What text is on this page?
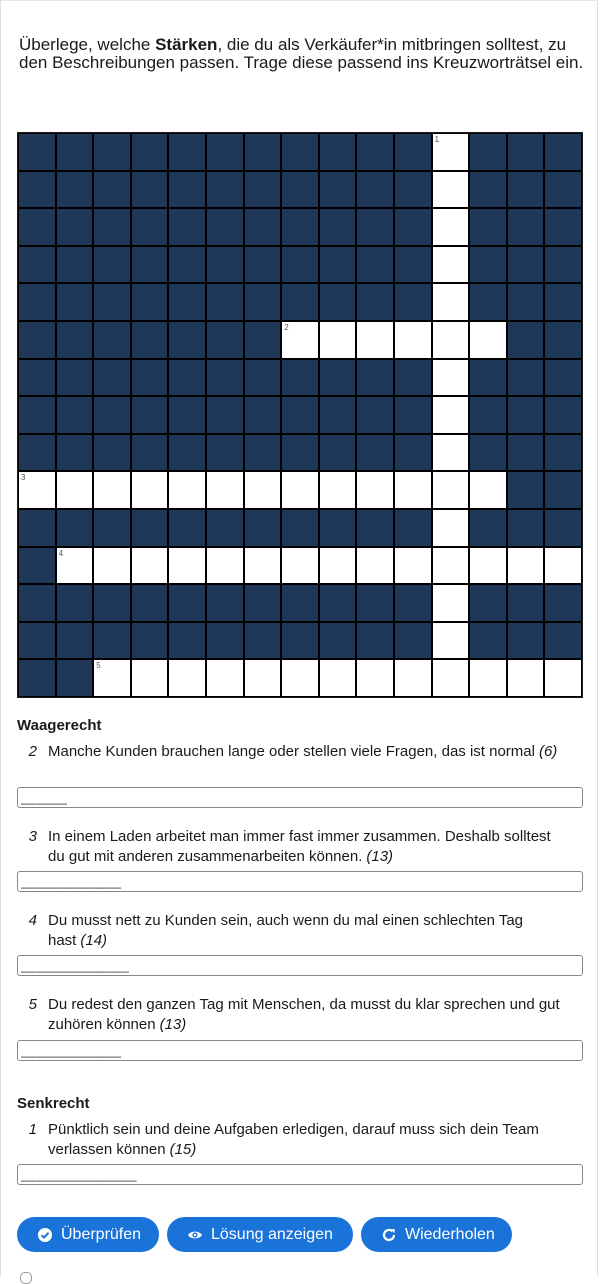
Überlege, welche Stärken, die du als Verkäufer*in mitbringen solltest, zu den Beschreibungen passen. Trage diese passend ins Kreuzworträtsel ein.
1
2
3
4
5
Waagerecht
2 Manche Kunden brauchen lange oder stellen viele Fragen, das ist normal (6)
______
3 In einem Laden arbeitet man immer fast immer zusammen. Deshalb solltest du gut mit anderen zusammenarbeiten können. (13)
_____________
4 Du musst nett zu Kunden sein, auch wenn du mal einen schlechten Tag hast (14)
______________
5 Du redest den ganzen Tag mit Menschen, da musst du klar sprechen und gut zuhören können (13)
_____________
Senkrecht
1 Pünktlich sein und deine Aufgaben erledigen, darauf muss sich dein Team verlassen können (15)
_______________
Überprüfen	Lösung anzeigen	Wiederholen
